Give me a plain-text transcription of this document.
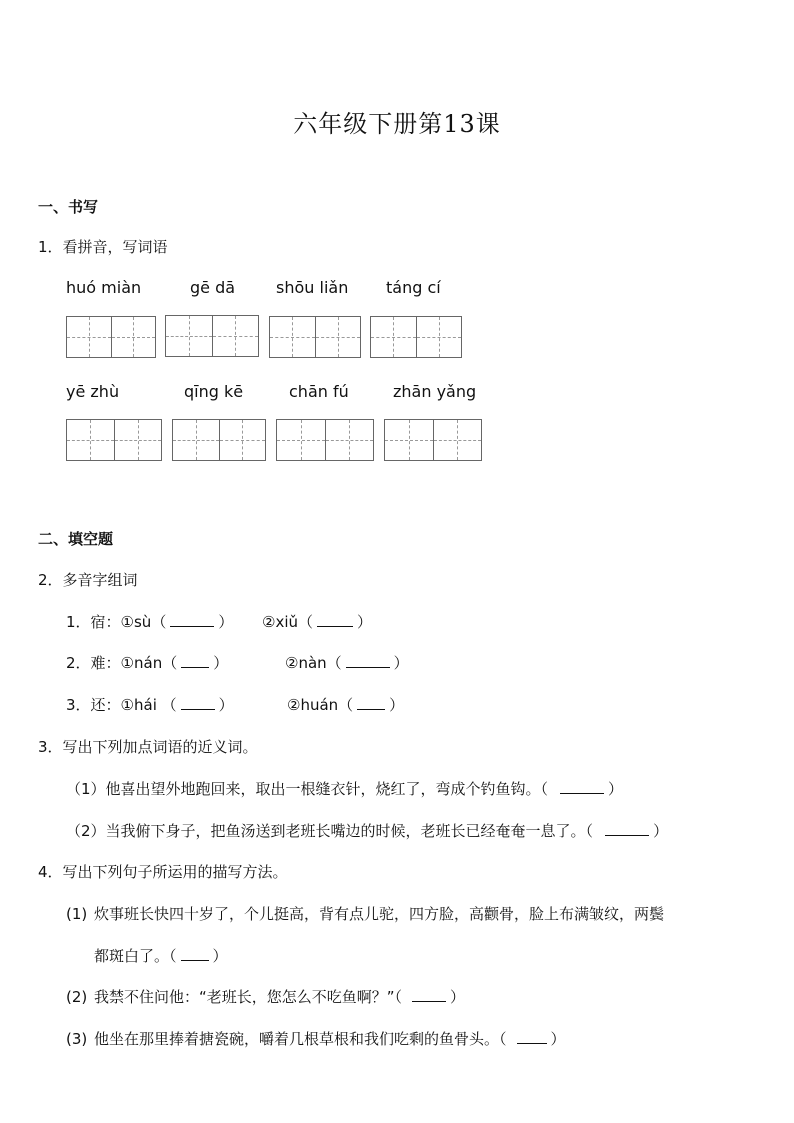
六年级下册第13课
一、书写
1．看拼音，写词语
huó miàn	gē dā	shōu liǎn táng cí
yē zhù	qīng kē	chān fú	zhān yǎng
二、填空题
2．多音字组词
1．宿：①sù（	） ②xiǔ（	）
2．难：①nán（ ）	②nàn（	）
3．还：①hái （	）	②huán（ ）
3．写出下列加点词语的近义词。
（1）他喜出望外地跑回来，取出一根缝衣针，烧红了，弯成个钓鱼钩。（	）
（2）当我俯下身子，把鱼汤送到老班长嘴边的时候，老班长已经奄奄一息了。（	）
4．写出下列句子所运用的描写方法。
(1) 炊事班长快四十岁了，个儿挺高，背有点儿驼，四方脸，高颧骨，脸上布满皱纹，两鬓
都斑白了。（ ）
(2) 我禁不住问他：“老班长，您怎么不吃鱼啊？”（	）
(3) 他坐在那里捧着搪瓷碗，嚼着几根草根和我们吃剩的鱼骨头。（	）
